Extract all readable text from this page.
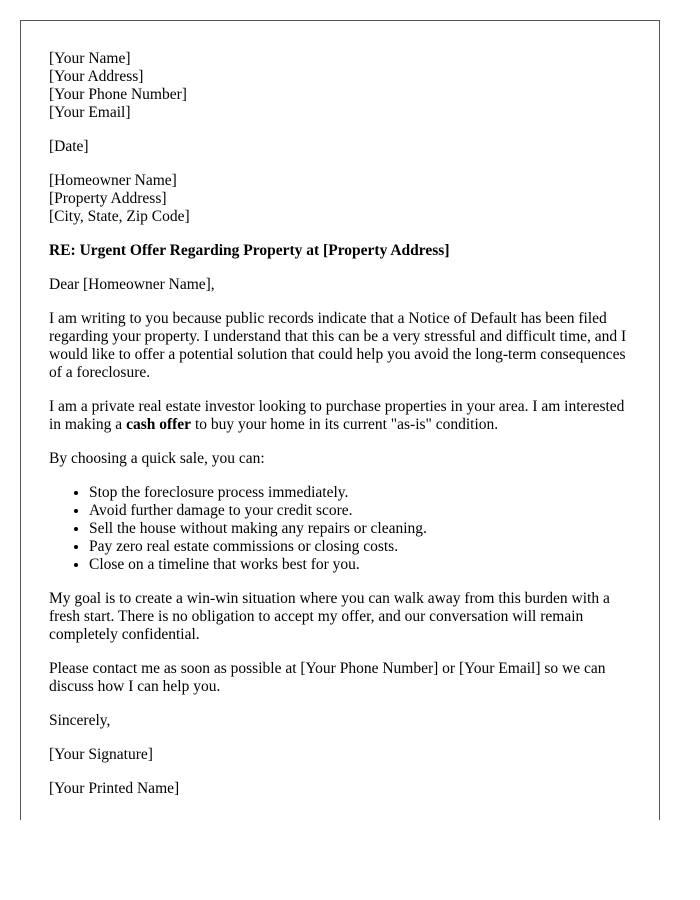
[Your Name]

[Your Address]

[Your Phone Number]

[Your Email]

[Date]

[Homeowner Name]

[Property Address]

[City, State, Zip Code]

RE: Urgent Offer Regarding Property at [Property Address]

Dear [Homeowner Name],

I am writing to you because public records indicate that a Notice of Default has been filed regarding your property. I understand that this can be a very stressful and difficult time, and I would like to offer a potential solution that could help you avoid the long-term consequences of a foreclosure.

I am a private real estate investor looking to purchase properties in your area. I am interested in making a cash offer to buy your home in its current "as-is" condition.

By choosing a quick sale, you can:

• Stop the foreclosure process immediately.
• Avoid further damage to your credit score.
• Sell the house without making any repairs or cleaning.
• Pay zero real estate commissions or closing costs.
• Close on a timeline that works best for you.

My goal is to create a win-win situation where you can walk away from this burden with a fresh start. There is no obligation to accept my offer, and our conversation will remain completely confidential.

Please contact me as soon as possible at [Your Phone Number] or [Your Email] so we can discuss how I can help you.

Sincerely,

[Your Signature]

[Your Printed Name]
